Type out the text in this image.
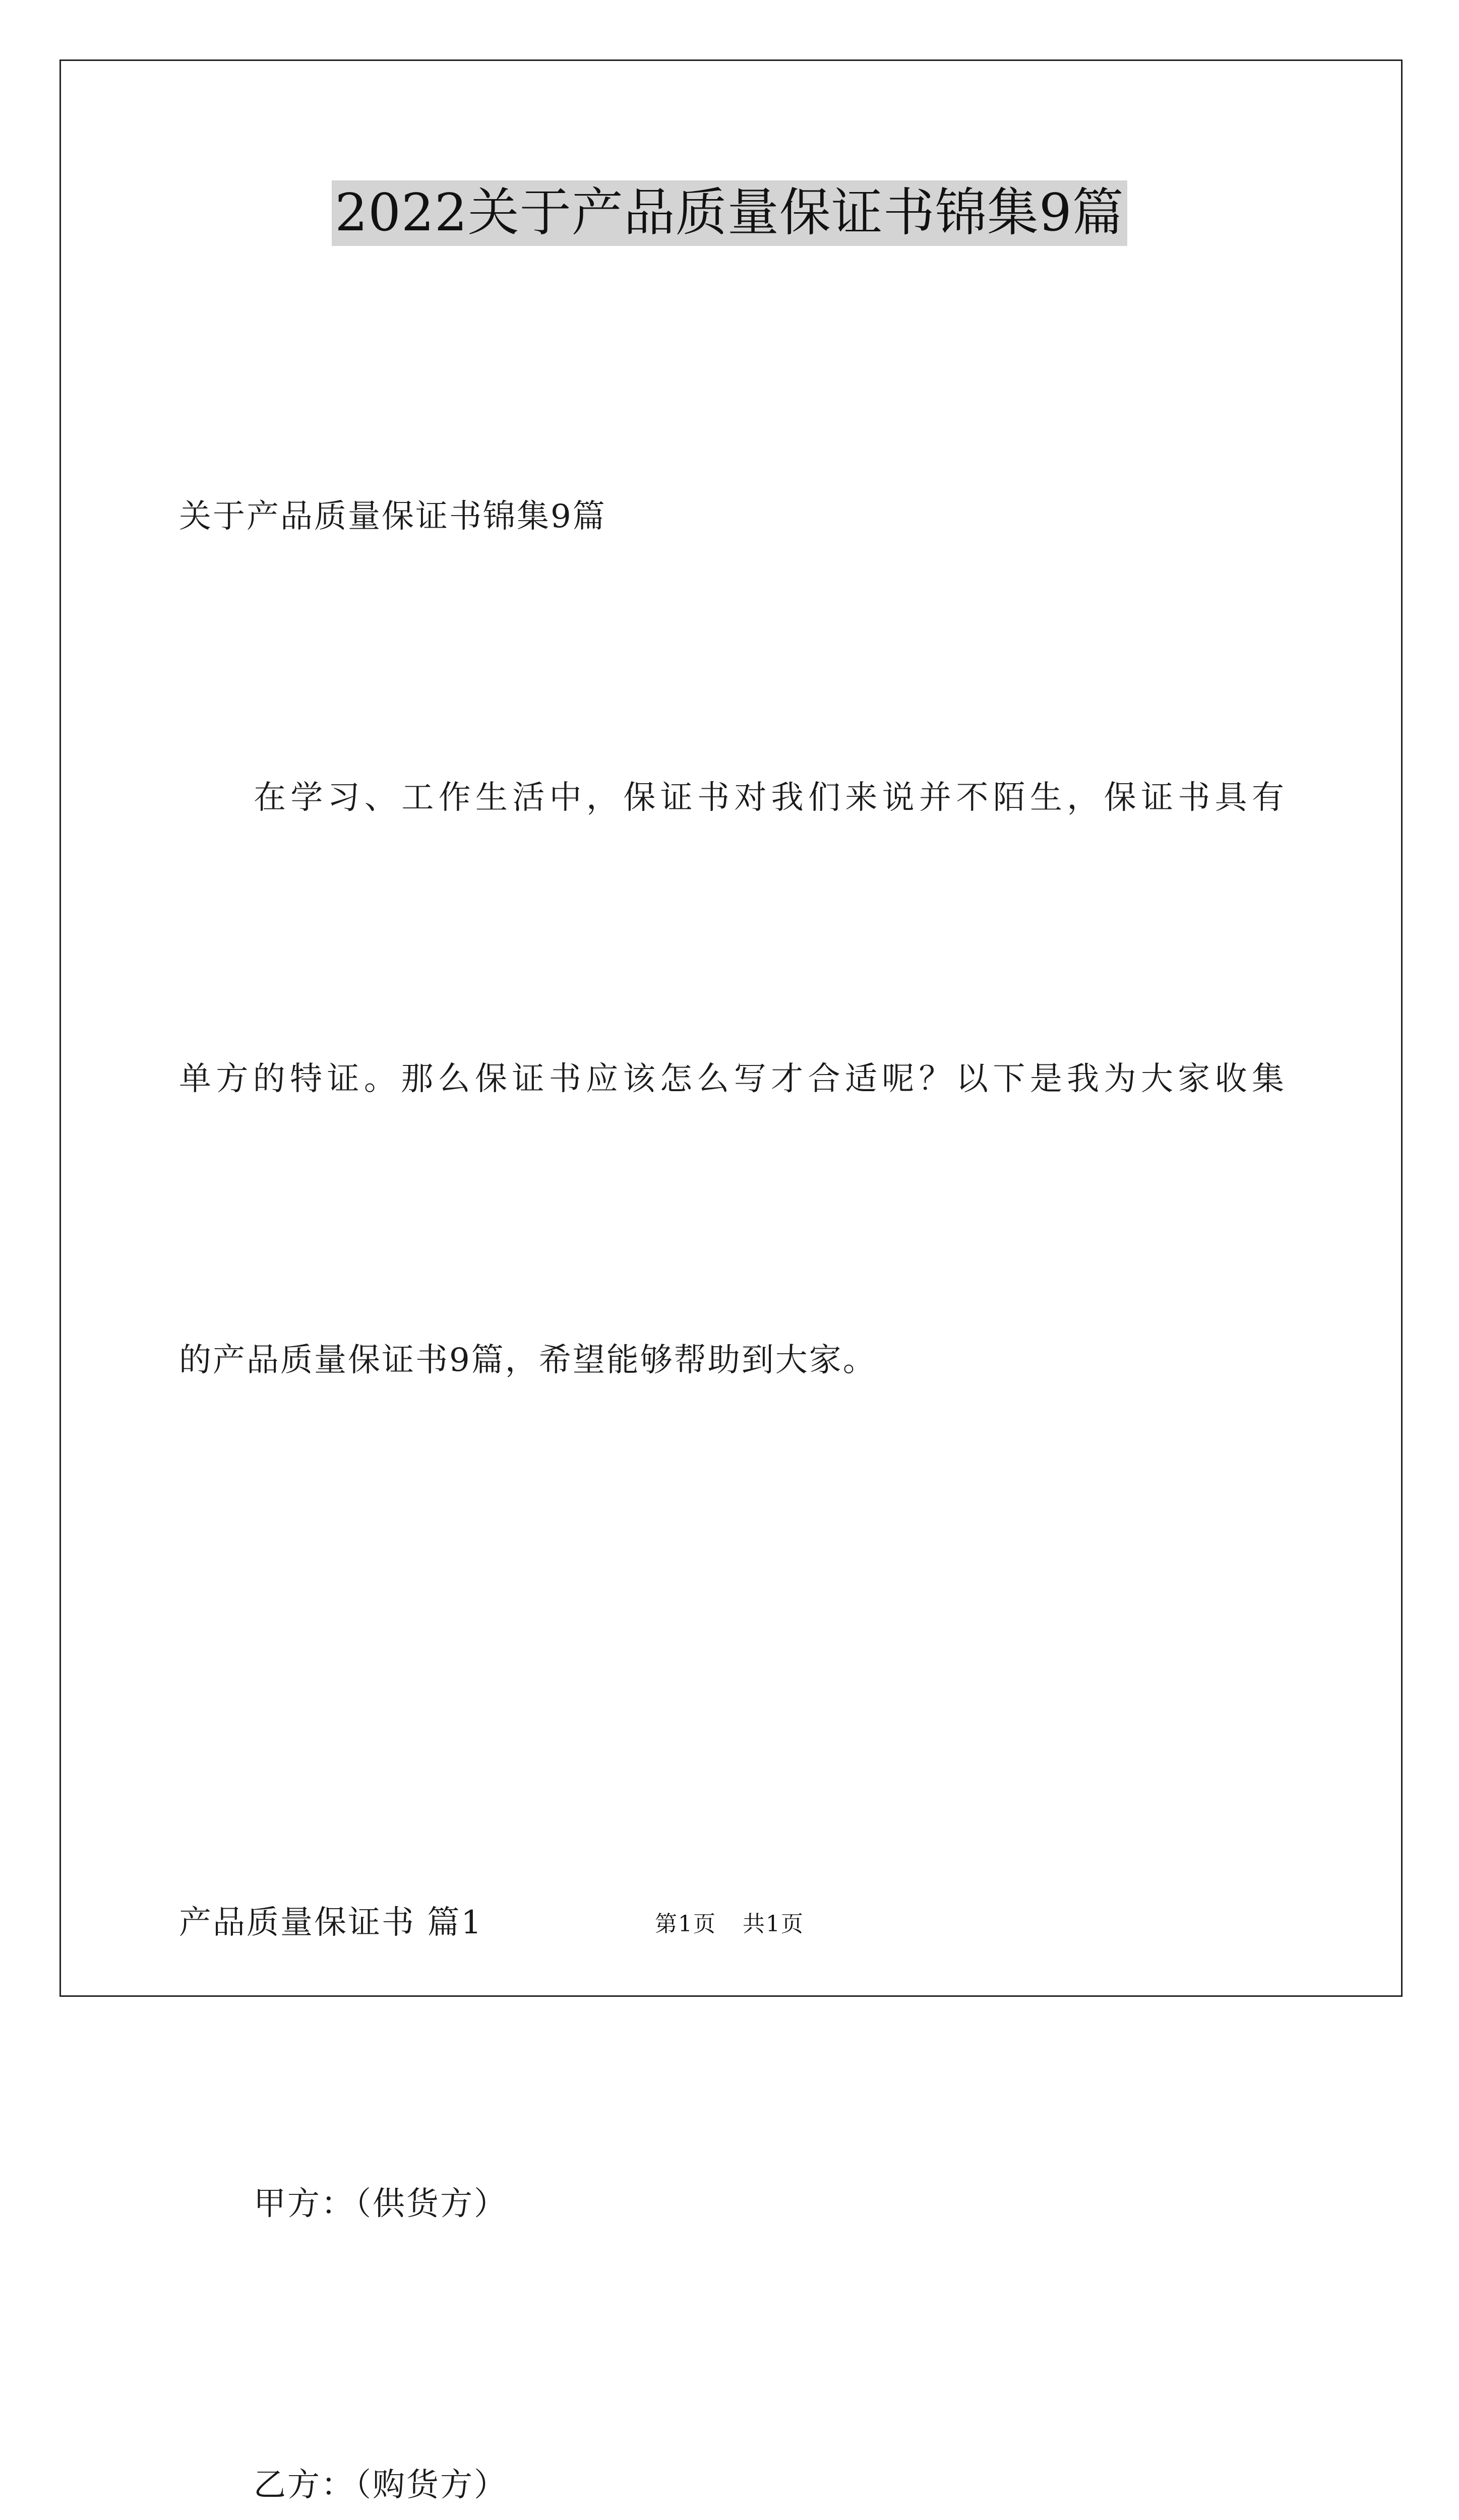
2022关于产品质量保证书锦集9篇

关于产品质量保证书锦集9篇

在学习、工作生活中，保证书对我们来说并不陌生，保证书具有

单方的特证。那么保证书应该怎么写才合适呢？以下是我为大家收集

的产品质量保证书9篇，希望能够帮助到大家。

产品质量保证书 篇1

甲方：（供货方）

乙方：（购货方）

第1页 共1页
